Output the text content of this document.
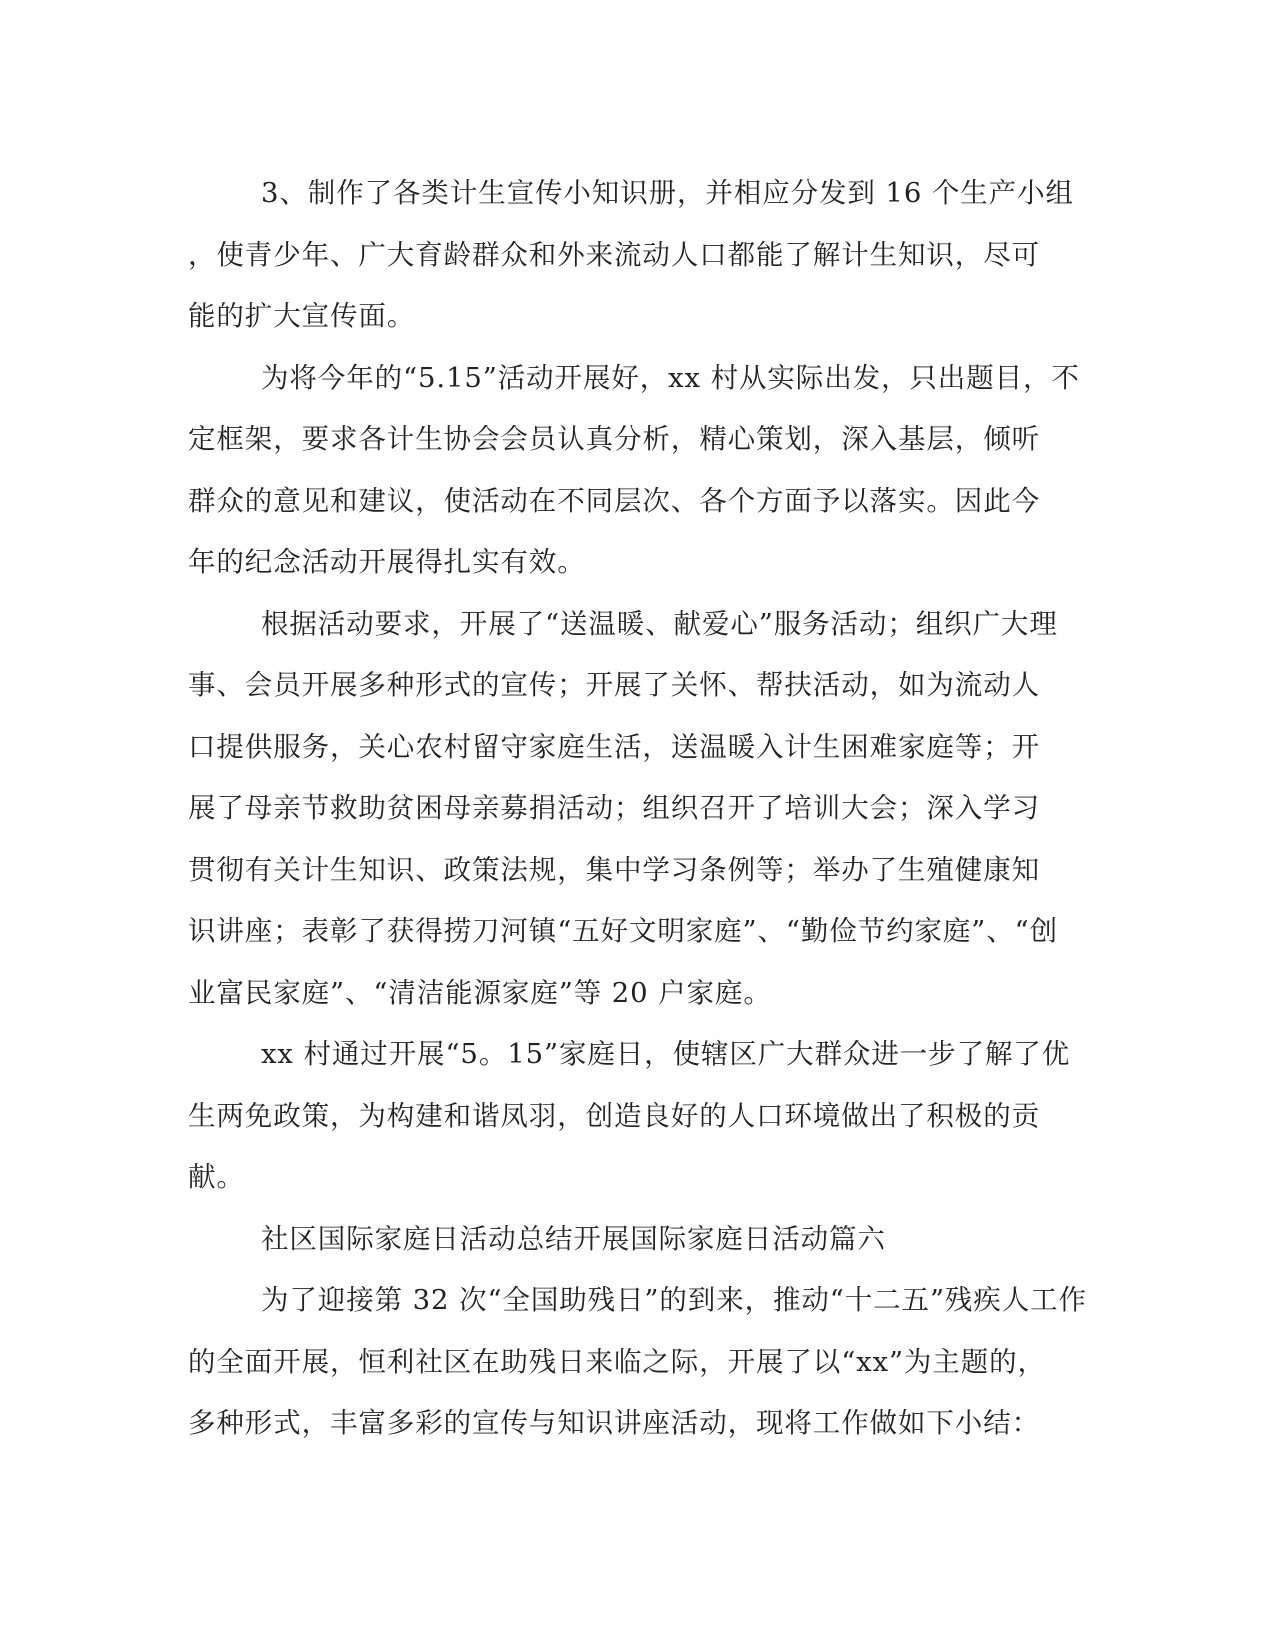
3、制作了各类计生宣传小知识册，并相应分发到 16 个生产小组
，使青少年、广大育龄群众和外来流动人口都能了解计生知识，尽可
能的扩大宣传面。
为将今年的“5.15”活动开展好，xx 村从实际出发，只出题目，不
定框架，要求各计生协会会员认真分析，精心策划，深入基层，倾听
群众的意见和建议，使活动在不同层次、各个方面予以落实。因此今
年的纪念活动开展得扎实有效。
根据活动要求，开展了“送温暖、献爱心”服务活动；组织广大理
事、会员开展多种形式的宣传；开展了关怀、帮扶活动，如为流动人
口提供服务，关心农村留守家庭生活，送温暖入计生困难家庭等；开
展了母亲节救助贫困母亲募捐活动；组织召开了培训大会；深入学习
贯彻有关计生知识、政策法规，集中学习条例等；举办了生殖健康知
识讲座；表彰了获得捞刀河镇“五好文明家庭”、“勤俭节约家庭”、“创
业富民家庭”、“清洁能源家庭”等 20 户家庭。
xx 村通过开展“5。15”家庭日，使辖区广大群众进一步了解了优
生两免政策，为构建和谐凤羽，创造良好的人口环境做出了积极的贡
献。
社区国际家庭日活动总结开展国际家庭日活动篇六
为了迎接第 32 次“全国助残日”的到来，推动“十二五”残疾人工作
的全面开展，恒利社区在助残日来临之际，开展了以“xx”为主题的，
多种形式，丰富多彩的宣传与知识讲座活动，现将工作做如下小结：
